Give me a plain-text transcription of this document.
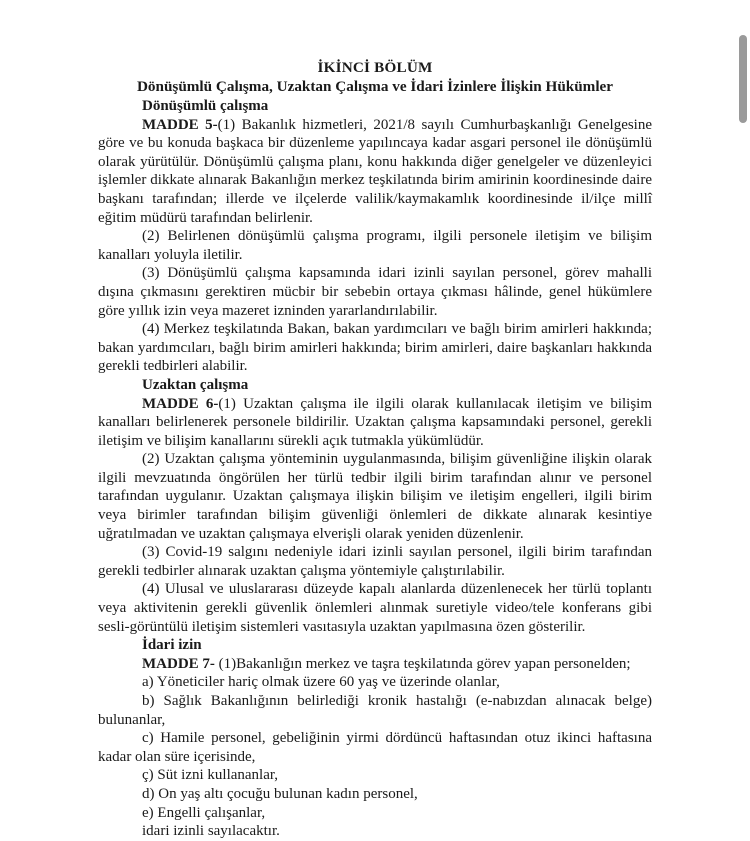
İKİNCİ BÖLÜM
Dönüşümlü Çalışma, Uzaktan Çalışma ve İdari İzinlere İlişkin Hükümler
Dönüşümlü çalışma

MADDE 5-(1) Bakanlık hizmetleri, 2021/8 sayılı Cumhurbaşkanlığı Genelgesine göre ve bu konuda başkaca bir düzenleme yapılıncaya kadar asgari personel ile dönüşümlü olarak yürütülür. Dönüşümlü çalışma planı, konu hakkında diğer genelgeler ve düzenleyici işlemler dikkate alınarak Bakanlığın merkez teşkilatında birim amirinin koordinesinde daire başkanı tarafından; illerde ve ilçelerde valilik/kaymakamlık koordinesinde il/ilçe millî eğitim müdürü tarafından belirlenir.

(2) Belirlenen dönüşümlü çalışma programı, ilgili personele iletişim ve bilişim kanalları yoluyla iletilir.

(3) Dönüşümlü çalışma kapsamında idari izinli sayılan personel, görev mahalli dışına çıkmasını gerektiren mücbir bir sebebin ortaya çıkması hâlinde, genel hükümlere göre yıllık izin veya mazeret izninden yararlandırılabilir.

(4) Merkez teşkilatında Bakan, bakan yardımcıları ve bağlı birim amirleri hakkında; bakan yardımcıları, bağlı birim amirleri hakkında; birim amirleri, daire başkanları hakkında gerekli tedbirleri alabilir.

Uzaktan çalışma

MADDE 6-(1) Uzaktan çalışma ile ilgili olarak kullanılacak iletişim ve bilişim kanalları belirlenerek personele bildirilir. Uzaktan çalışma kapsamındaki personel, gerekli iletişim ve bilişim kanallarını sürekli açık tutmakla yükümlüdür.

(2) Uzaktan çalışma yönteminin uygulanmasında, bilişim güvenliğine ilişkin olarak ilgili mevzuatında öngörülen her türlü tedbir ilgili birim tarafından alınır ve personel tarafından uygulanır. Uzaktan çalışmaya ilişkin bilişim ve iletişim engelleri, ilgili birim veya birimler tarafından bilişim güvenliği önlemleri de dikkate alınarak kesintiye uğratılmadan ve uzaktan çalışmaya elverişli olarak yeniden düzenlenir.

(3) Covid-19 salgını nedeniyle idari izinli sayılan personel, ilgili birim tarafından gerekli tedbirler alınarak uzaktan çalışma yöntemiyle çalıştırılabilir.

(4) Ulusal ve uluslararası düzeyde kapalı alanlarda düzenlenecek her türlü toplantı veya aktivitenin gerekli güvenlik önlemleri alınmak suretiyle video/tele konferans gibi sesli-görüntülü iletişim sistemleri vasıtasıyla uzaktan yapılmasına özen gösterilir.

İdari izin

MADDE 7- (1)Bakanlığın merkez ve taşra teşkilatında görev yapan personelden;

a) Yöneticiler hariç olmak üzere 60 yaş ve üzerinde olanlar,

b) Sağlık Bakanlığının belirlediği kronik hastalığı (e-nabızdan alınacak belge) bulunanlar,

c) Hamile personel, gebeliğinin yirmi dördüncü haftasından otuz ikinci haftasına kadar olan süre içerisinde,

ç) Süt izni kullananlar,

d) On yaş altı çocuğu bulunan kadın personel,

e) Engelli çalışanlar,

idari izinli sayılacaktır.
